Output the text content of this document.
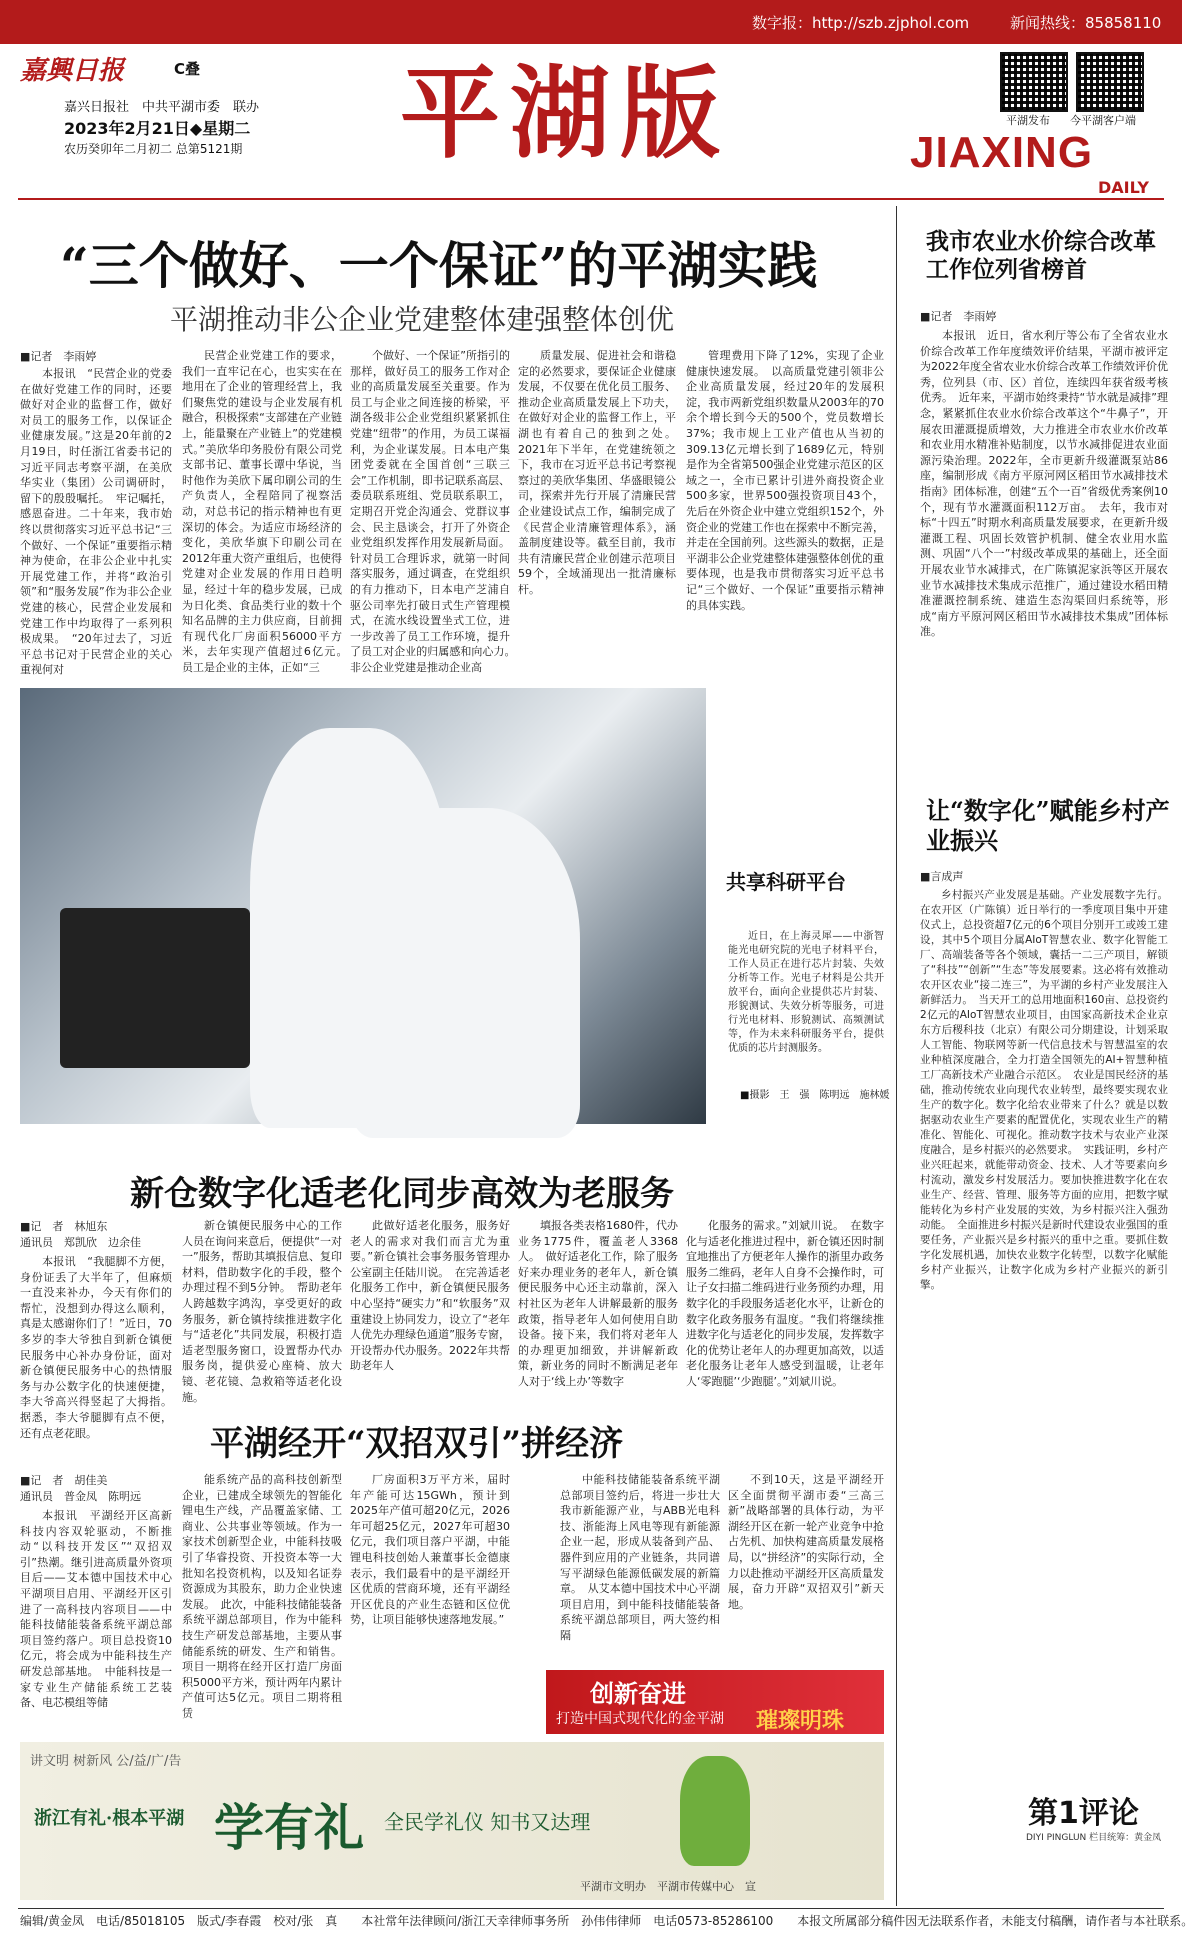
数字报：http://szb.zjphol.com	新闻热线：85858110
嘉興日报	C叠
嘉兴日报社　中共平湖市委　联办
2023年2月21日◆星期二
农历癸卯年二月初二 总第5121期 平湖版	平湖发布 今平湖客户端
JIAXING
DAILY
“三个做好、一个保证”的平湖实践
平湖推动非公企业党建整体建强整体创优
■记者　李雨婷

本报讯　“民营企业的党委在做好党建工作的同时，还要做好对企业的监督工作，做好对员工的服务工作，以保证企业健康发展。”这是20年前的2月19日，时任浙江省委书记的习近平同志考察平湖，在美欣华实业（集团）公司调研时，留下的殷殷嘱托。　牢记嘱托，感恩奋进。二十年来，我市始终以贯彻落实习近平总书记“三个做好、一个保证”重要指示精神为使命，在非公企业中扎实开展党建工作，并将“政治引领”和“服务发展”作为非公企业党建的核心，民营企业发展和党建工作中均取得了一系列积极成果。　“20年过去了，习近平总书记对于民营企业的关心重视何对

民营企业党建工作的要求，我们一直牢记在心，也实实在在地用在了企业的管理经营上，我们聚焦党的建设与企业发展有机融合，积极探索“支部建在产业链上，能量聚在产业链上”的党建模式。”美欣华印务股份有限公司党支部书记、董事长谭中华说，当时他作为美欣下属印刷公司的生产负责人，全程陪同了视察活动，对总书记的指示精神也有更深切的体会。为适应市场经济的变化，美欣华旗下印刷公司在2012年重大资产重组后，也使得党建对企业发展的作用日趋明显，经过十年的稳步发展，已成为日化类、食品类行业的数十个知名品牌的主力供应商，目前拥有现代化厂房面积56000平方米，去年实现产值超过6亿元。　员工是企业的主体，正如“三

个做好、一个保证”所指引的那样，做好员工的服务工作对企业的高质量发展至关重要。作为员工与企业之间连接的桥梁，平湖各级非公企业党组织紧紧抓住党建“纽带”的作用，为员工谋福利，为企业谋发展。日本电产集团党委就在全国首创“三联三会”工作机制，即书记联系高层、委员联系班组、党员联系职工，定期召开党企沟通会、党群议事会、民主恳谈会，打开了外资企业党组织发挥作用发展新局面。针对员工合理诉求，就第一时间落实服务，通过调查，在党组织的有力推动下，日本电产芝浦自驱公司率先打破日式生产管理模式，在流水线设置坐式工位，进一步改善了员工工作环境，提升了员工对企业的归属感和向心力。　非公企业党建是推动企业高

质量发展、促进社会和谐稳定的必然要求，要保证企业健康发展，不仅要在优化员工服务、推动企业高质量发展上下功夫，在做好对企业的监督工作上，平湖也有着自己的独到之处。2021年下半年，在党建统领之下，我市在习近平总书记考察视察过的美欣华集团、华盛眼镜公司，探索并先行开展了清廉民营企业建设试点工作，编制完成了《民营企业清廉管理体系》，涵盖制度建设等。截至目前，我市共有清廉民营企业创建示范项目59个，全域涌现出一批清廉标杆。

管理费用下降了12%，实现了企业健康快速发展。　以高质量党建引领非公企业高质量发展，经过20年的发展积淀，我市两新党组织数量从2003年的70余个增长到今天的500个，党员数增长37%；我市规上工业产值也从当初的309.13亿元增长到了1689亿元，特别是作为全省第500强企业党建示范区的区域之一，全市已累计引进外商投资企业500多家，世界500强投资项目43个，先后在外资企业中建立党组织152个，外资企业的党建工作也在探索中不断完善，并走在全国前列。这些源头的数据，正是平湖非公企业党建整体建强整体创优的重要体现，也是我市贯彻落实习近平总书记“三个做好、一个保证”重要指示精神的具体实践。

共享科研平台

近日，在上海灵犀——中浙智能光电研究院的光电子材料平台，工作人员正在进行芯片封装、失效分析等工作。光电子材料是公共开放平台，面向企业提供芯片封装、形貌测试、失效分析等服务，可进行光电材料、形貌测试、高频测试等，作为未来科研服务平台，提供优质的芯片封测服务。

■摄影　王　强　陈明远　施林媛
新仓数字化适老化同步高效为老服务
■记　者　林旭东
通讯员　郑凯欣　边余佳

本报讯　“我腿脚不方便，身份证丢了大半年了，但麻烦一直没来补办，今天有你们的帮忙，没想到办得这么顺利，真是太感谢你们了！”近日，70多岁的李大爷独自到新仓镇便民服务中心补办身份证，面对新仓镇便民服务中心的热情服务与办公数字化的快速便捷，李大爷高兴得竖起了大拇指。据悉，李大爷腿脚有点不便，还有点老花眼。

新仓镇便民服务中心的工作人员在询问来意后，便提供“一对一”服务，帮助其填报信息、复印材料，借助数字化的手段，整个办理过程不到5分钟。　帮助老年人跨越数字鸿沟，享受更好的政务服务，新仓镇持续推进数字化与“适老化”共同发展，积极打造适老型服务窗口，设置帮办代办服务岗，提供爱心座椅、放大镜、老花镜、急救箱等适老化设施。

此做好适老化服务，服务好老人的需求对我们而言尤为重要。”新仓镇社会事务服务管理办公室副主任陆川说。　在完善适老化服务工作中，新仓镇便民服务中心坚持“硬实力”和“软服务”双重建设上协同发力，设立了“老年人优先办理绿色通道”服务专窗，开设帮办代办服务。2022年共帮助老年人

填报各类表格1680件，代办业务1775件，覆盖老人3368人。　做好适老化工作，除了服务好来办理业务的老年人，新仓镇便民服务中心还主动靠前，深入村社区为老年人讲解最新的服务政策，指导老年人如何使用自助设备。接下来，我们将对老年人的办理更加细致，并讲解新政策，新业务的同时不断满足老年人对于‘线上办’等数字

化服务的需求。”刘斌川说。　在数字化与适老化推进过程中，新仓镇还因时制宜地推出了方便老年人操作的浙里办政务服务二维码，老年人自身不会操作时，可让子女扫描二维码进行业务预约办理，用数字化的手段服务适老化水平，让新仓的数字化政务服务有温度。“我们将继续推进数字化与适老化的同步发展，发挥数字化的优势让老年人的办理更加高效，以适老化服务让老年人感受到温暖，让老年人‘零跑腿’‘少跑腿’。”刘斌川说。

平湖经开“双招双引”拼经济
■记　者　胡佳美
通讯员　普金凤　陈明远

本报讯　平湖经开区高新科技内容双轮驱动，不断推动“以科技开发区”“双招双引”热潮。继引进高质量外资项目后——艾本德中国技术中心平湖项目启用、平湖经开区引进了一高科技内容项目——中能科技储能装备系统平湖总部项目签约落户。项目总投资10亿元，将会成为中能科技生产研发总部基地。　中能科技是一家专业生产储能系统工艺装备、电芯模组等储

能系统产品的高科技创新型企业，已建成全球领先的智能化锂电生产线，产品覆盖家储、工商业、公共事业等领域。作为一家技术创新型企业，中能科技吸引了华睿投资、开投资本等一大批知名投资机构，以及知名证券资源成为其股东，助力企业快速发展。　此次，中能科技储能装备系统平湖总部项目，作为中能科技生产研发总部基地，主要从事储能系统的研发、生产和销售。项目一期将在经开区打造厂房面积5000平方米，预计两年内累计产值可达5亿元。项目二期将租赁

厂房面积3万平方米，届时年产能可达15GWh，预计到2025年产值可超20亿元，2026年可超25亿元，2027年可超30亿元，我们项目落户平湖，中能锂电科技创始人兼董事长金德康表示，我们最看中的是平湖经开区优质的营商环境，还有平湖经开区优良的产业生态链和区位优势，让项目能够快速落地发展。”

中能科技储能装备系统平湖总部项目签约后，将进一步壮大我市新能源产业，与ABB光电科技、浙能海上风电等现有新能源企业一起，形成从装备到产品、器件到应用的产业链条，共同谱写平湖绿色能源低碳发展的新篇章。　从艾本德中国技术中心平湖项目启用，到中能科技储能装备系统平湖总部项目，两大签约相隔

不到10天，这是平湖经开区全面贯彻平湖市委“三高三新”战略部署的具体行动，为平湖经开区在新一轮产业竞争中抢占先机、加快构建高质量发展格局，以“拼经济”的实际行动，全力以赴推动平湖经开区高质量发展，奋力开辟“双招双引”新天地。

创新奋进
打造中国式现代化的金平湖 璀璨明珠
讲文明 树新风 公/益/广/告
浙江有礼·根本平湖 学有礼 全民学礼仪 知书又达理
平湖市文明办　平湖市传媒中心　宣
我市农业水价综合改革工作位列省榜首
■记者　李雨婷

本报讯　近日，省水利厅等公布了全省农业水价综合改革工作年度绩效评价结果，平湖市被评定为2022年度全省农业水价综合改革工作绩效评价优秀，位列县（市、区）首位，连续四年获省级考核优秀。　近年来，平湖市始终秉持“节水就是减排”理念，紧紧抓住农业水价综合改革这个“牛鼻子”，开展农田灌溉提质增效，大力推进全市农业水价改革和农业用水精准补贴制度，以节水减排促进农业面源污染治理。2022年，全市更新升级灌溉泵站86座，编制形成《南方平原河网区稻田节水减排技术指南》团体标准，创建“五个一百”省级优秀案例10个，现有节水灌溉面积112万亩。　去年，我市对标“十四五”时期水利高质量发展要求，在更新升级灌溉工程、巩固长效管护机制、健全农业用水监测、巩固“八个一”村级改革成果的基础上，还全面开展农业节水减排式，在广陈镇泥家浜等区开展农业节水减排技术集成示范推广，通过建设水稻田精准灌溉控制系统、建造生态沟渠回归系统等，形成“南方平原河网区稻田节水减排技术集成”团体标准。

让“数字化”赋能乡村产业振兴
■言成声

乡村振兴产业发展是基础。产业发展数字先行。在农开区（广陈镇）近日举行的一季度项目集中开建仪式上，总投资超7亿元的6个项目分别开工或竣工建设，其中5个项目分属AIoT智慧农业、数字化智能工厂、高端装备等各个领域，囊括一二三产项目，解锁了“科技”“创新”“生态”等发展要素。这必将有效推动农开区农业“接二连三”，为平湖的乡村产业发展注入新鲜活力。　当天开工的总用地面积160亩、总投资约2亿元的AIoT智慧农业项目，由国家高新技术企业京东方后稷科技（北京）有限公司分期建设，计划采取人工智能、物联网等新一代信息技术与智慧温室的农业种植深度融合，全力打造全国领先的AI+智慧种植工厂高新技术产业融合示范区。　农业是国民经济的基础，推动传统农业向现代农业转型，最终要实现农业生产的数字化。数字化给农业带来了什么？就是以数据驱动农业生产要素的配置优化，实现农业生产的精准化、智能化、可视化。推动数字技术与农业产业深度融合，是乡村振兴的必然要求。　实践证明，乡村产业兴旺起来，就能带动资金、技术、人才等要素向乡村流动，激发乡村发展活力。要加快推进数字化在农业生产、经营、管理、服务等方面的应用，把数字赋能转化为乡村产业发展的实效，为乡村振兴注入强劲动能。　全面推进乡村振兴是新时代建设农业强国的重要任务，产业振兴是乡村振兴的重中之重。要抓住数字化发展机遇，加快农业数字化转型，以数字化赋能乡村产业振兴，让数字化成为乡村产业振兴的新引擎。

第1评论
DIYI PINGLUN 栏目统筹：黄金凤
编辑/黄金凤　电话/85018105　版式/李春霞　校对/张　真　　本社常年法律顾问/浙江天幸律师事务所　孙伟伟律师　电话0573-85286100　　本报文所属部分稿件因无法联系作者，未能支付稿酬，请作者与本社联系。
